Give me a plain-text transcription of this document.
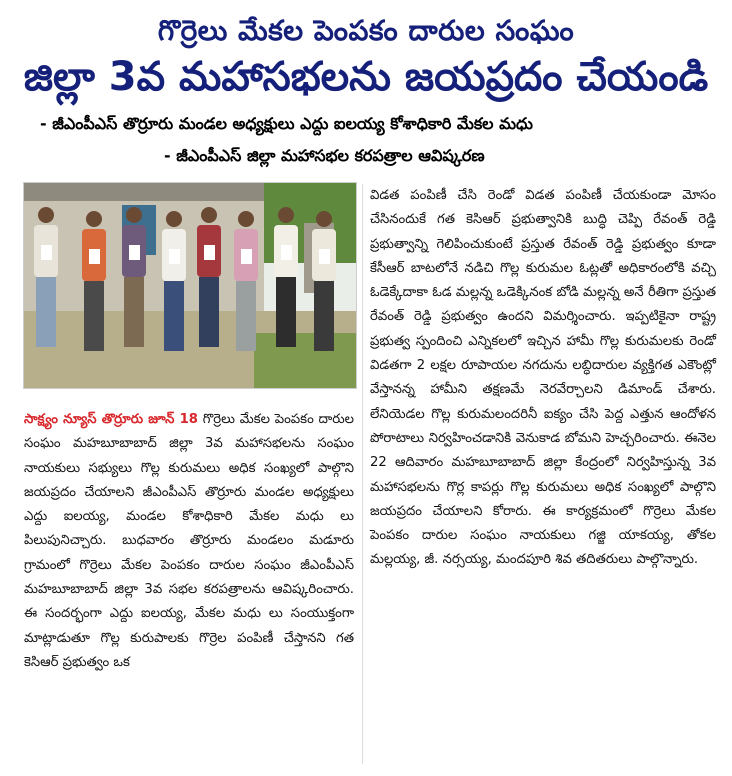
గొర్రెలు మేకల పెంపకం దారుల సంఘం
జిల్లా 3వ మహాసభలను జయప్రదం చేయండి
- జీఎంపీఎస్ తొర్రూరు మండల అధ్యక్షులు ఎద్దు ఐలయ్య కోశాధికారి మేకల మధు
- జీఎంపీఎస్ జిల్లా మహాసభల కరపత్రాల ఆవిష్కరణ
సాక్ష్యం న్యూస్ తొర్రూరు జూన్ 18 గొర్రెలు మేకల పెంపకం దారుల సంఘం మహబూబాబాద్ జిల్లా 3వ మహాసభలను సంఘం నాయకులు సభ్యులు గొల్ల కురుమలు అధిక సంఖ్యలో పాల్గొని జయప్రదం చేయాలని జీఎంపీఎస్ తొర్రూరు మండల అధ్యక్షులు ఎద్దు ఐలయ్య, మండల కోశాధికారి మేకల మధు లు పిలుపునిచ్చారు. బుధవారం తొర్రూరు మండలం మడూరు గ్రామంలో గొర్రెలు మేకల పెంపకం దారుల సంఘం జీఎంపీఎస్ మహబూబాబాద్ జిల్లా 3వ సభల కరపత్రాలను ఆవిష్కరించారు. ఈ సందర్భంగా ఎద్దు ఐలయ్య, మేకల మధు లు సంయుక్తంగా మాట్లాడుతూ గొల్ల కురుపాలకు గొర్రెల పంపిణీ చేస్తానని గత కెసిఆర్ ప్రభుత్వం ఒక
విడత పంపిణీ చేసి రెండో విడత పంపిణీ చేయకుండా మోసం చేసినందుకే గత కెసిఆర్ ప్రభుత్వానికి బుద్ధి చెప్పి రేవంత్ రెడ్డి ప్రభుత్వాన్ని గెలిపించుకుంటే ప్రస్తుత రేవంత్ రెడ్డి ప్రభుత్వం కూడా కేసీఆర్ బాటలోనే నడిచి గొల్ల కురుమల ఓట్లతో అధికారంలోకి వచ్చి ఓడెక్కేదాకా ఓడ మల్లన్న ఒడెక్కినంక బోడి మల్లన్న అనే రీతిగా ప్రస్తుత రేవంత్ రెడ్డి ప్రభుత్వం ఉందని విమర్శించారు. ఇప్పటికైనా రాష్ట్ర ప్రభుత్వ స్పందించి ఎన్నికలలో ఇచ్చిన హామీ గొల్ల కురుమలకు రెండో విడతగా 2 లక్షల రూపాయల నగదును లబ్ధిదారుల వ్యక్తిగత ఎకౌంట్లో వేస్తానన్న హామీని తక్షణమే నెరవేర్చాలని డిమాండ్ చేశారు. లేనియెడల గొల్ల కురుమలందరినీ ఐక్యం చేసి పెద్ద ఎత్తున ఆందోళన పోరాటాలు నిర్వహించడానికి వెనుకాడ బోమని హెచ్చరించారు. ఈనెల 22 ఆదివారం మహబూబాబాద్ జిల్లా కేంద్రంలో నిర్వహిస్తున్న 3వ మహాసభలను గొర్ల కాపర్లు గొల్ల కురుమలు అధిక సంఖ్యలో పాల్గొని జయప్రదం చేయాలని కోరారు. ఈ కార్యక్రమంలో గొర్రెలు మేకల పెంపకం దారుల సంఘం నాయకులు గజ్జి యాకయ్య, తోకల మల్లయ్య, జీ. నర్సయ్య, మందపూరి శివ తదితరులు పాల్గొన్నారు.
